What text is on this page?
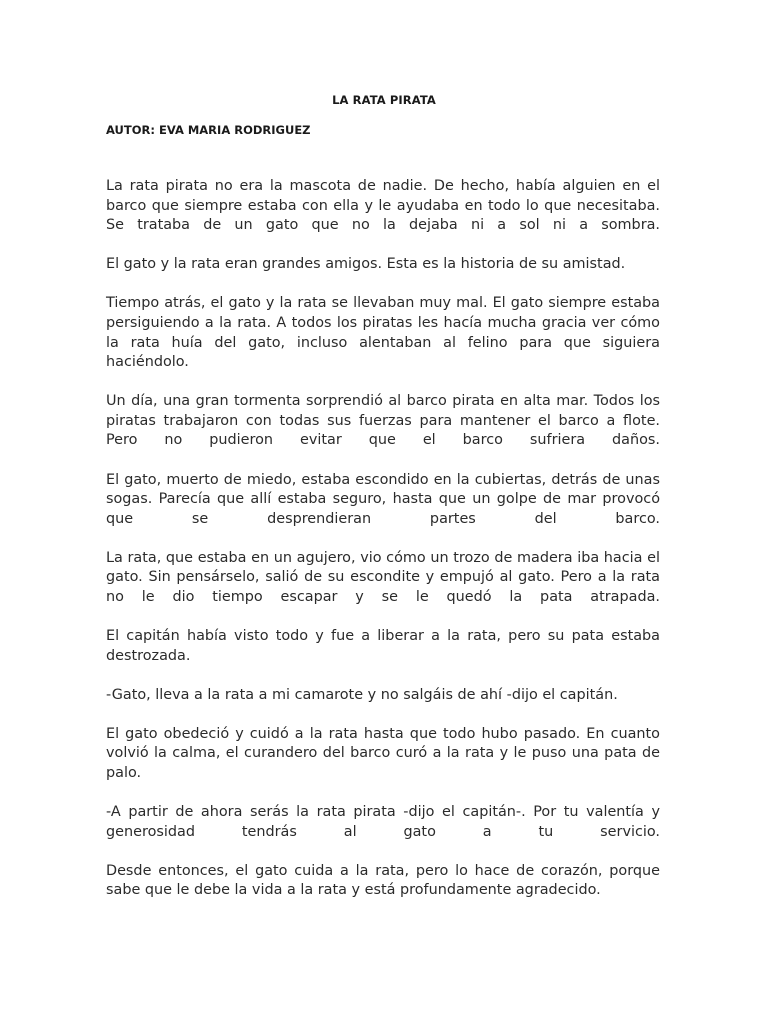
LA RATA PIRATA
AUTOR: EVA MARIA RODRIGUEZ

La rata pirata no era la mascota de nadie. De hecho, había alguien en el barco que siempre estaba con ella y le ayudaba en todo lo que necesitaba. Se trataba de un gato que no la dejaba ni a sol ni a sombra.

El gato y la rata eran grandes amigos. Esta es la historia de su amistad.

Tiempo atrás, el gato y la rata se llevaban muy mal. El gato siempre estaba persiguiendo a la rata. A todos los piratas les hacía mucha gracia ver cómo la rata huía del gato, incluso alentaban al felino para que siguiera haciéndolo.

Un día, una gran tormenta sorprendió al barco pirata en alta mar. Todos los piratas trabajaron con todas sus fuerzas para mantener el barco a flote. Pero no pudieron evitar que el barco sufriera daños.

El gato, muerto de miedo, estaba escondido en la cubiertas, detrás de unas sogas. Parecía que allí estaba seguro, hasta que un golpe de mar provocó que se desprendieran partes del barco.

La rata, que estaba en un agujero, vio cómo un trozo de madera iba hacia el gato. Sin pensárselo, salió de su escondite y empujó al gato. Pero a la rata no le dio tiempo escapar y se le quedó la pata atrapada.

El capitán había visto todo y fue a liberar a la rata, pero su pata estaba destrozada.

-Gato, lleva a la rata a mi camarote y no salgáis de ahí -dijo el capitán.

El gato obedeció y cuidó a la rata hasta que todo hubo pasado. En cuanto volvió la calma, el curandero del barco curó a la rata y le puso una pata de palo.

-A partir de ahora serás la rata pirata -dijo el capitán-. Por tu valentía y generosidad tendrás al gato a tu servicio.

Desde entonces, el gato cuida a la rata, pero lo hace de corazón, porque sabe que le debe la vida a la rata y está profundamente agradecido.
